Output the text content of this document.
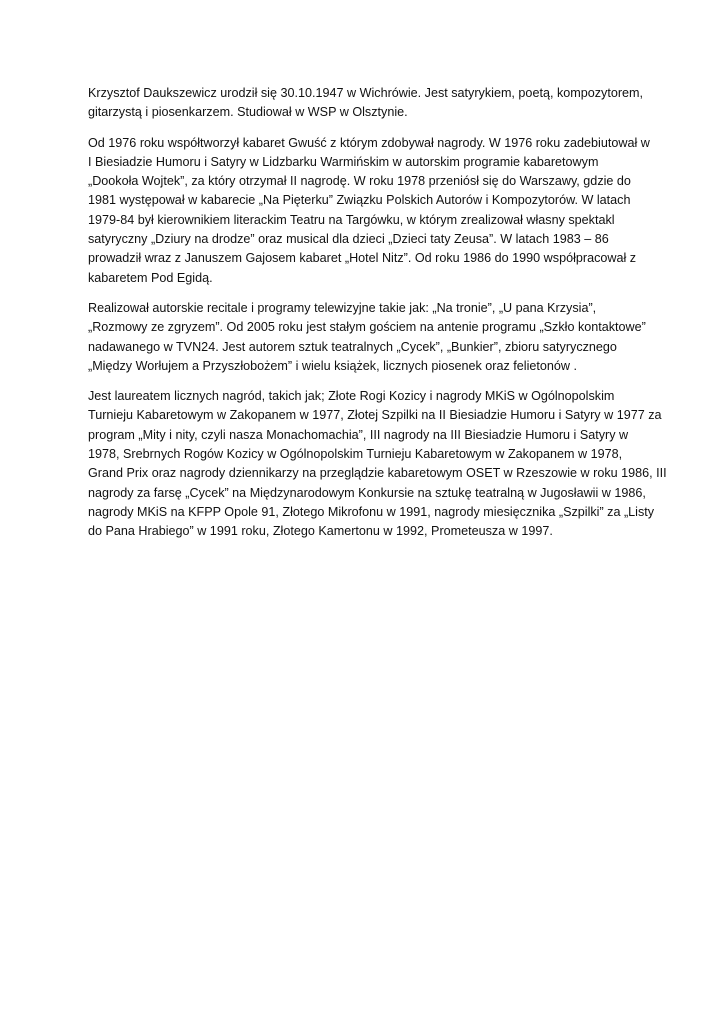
Krzysztof Daukszewicz urodził się 30.10.1947 w Wichrówie. Jest satyrykiem, poetą, kompozytorem,
gitarzystą i piosenkarzem. Studiował w WSP w Olsztynie.

Od 1976 roku współtworzył kabaret Gwuść z którym zdobywał nagrody. W 1976 roku zadebiutował w
I Biesiadzie Humoru i Satyry w Lidzbarku Warmińskim w autorskim programie kabaretowym
„Dookoła Wojtek”, za który otrzymał II nagrodę. W roku 1978 przeniósł się do Warszawy, gdzie do
1981 występował w kabarecie „Na Pięterku” Związku Polskich Autorów i Kompozytorów. W latach
1979-84 był kierownikiem literackim Teatru na Targówku, w którym zrealizował własny spektakl
satyryczny „Dziury na drodze” oraz musical dla dzieci „Dzieci taty Zeusa”. W latach 1983 – 86
prowadził wraz z Januszem Gajosem kabaret „Hotel Nitz”. Od roku 1986 do 1990 współpracował z
kabaretem Pod Egidą.

Realizował autorskie recitale i programy telewizyjne takie jak: „Na tronie”, „U pana Krzysia”,
„Rozmowy ze zgryzem”. Od 2005 roku jest stałym gościem na antenie programu „Szkło kontaktowe”
nadawanego w TVN24. Jest autorem sztuk teatralnych „Cycek”, „Bunkier”, zbioru satyrycznego
„Między Worłujem a Przyszłobożem” i wielu książek, licznych piosenek oraz felietonów .

Jest laureatem licznych nagród, takich jak; Złote Rogi Kozicy i nagrody MKiS w Ogólnopolskim
Turnieju Kabaretowym w Zakopanem w 1977, Złotej Szpilki na II Biesiadzie Humoru i Satyry w 1977 za
program „Mity i nity, czyli nasza Monachomachia”, III nagrody na III Biesiadzie Humoru i Satyry w
1978, Srebrnych Rogów Kozicy w Ogólnopolskim Turnieju Kabaretowym w Zakopanem w 1978,
Grand Prix oraz nagrody dziennikarzy na przeglądzie kabaretowym OSET w Rzeszowie w roku 1986, III
nagrody za farsę „Cycek” na Międzynarodowym Konkursie na sztukę teatralną w Jugosławii w 1986,
nagrody MKiS na KFPP Opole 91, Złotego Mikrofonu w 1991, nagrody miesięcznika „Szpilki” za „Listy
do Pana Hrabiego” w 1991 roku, Złotego Kamertonu w 1992, Prometeusza w 1997.
